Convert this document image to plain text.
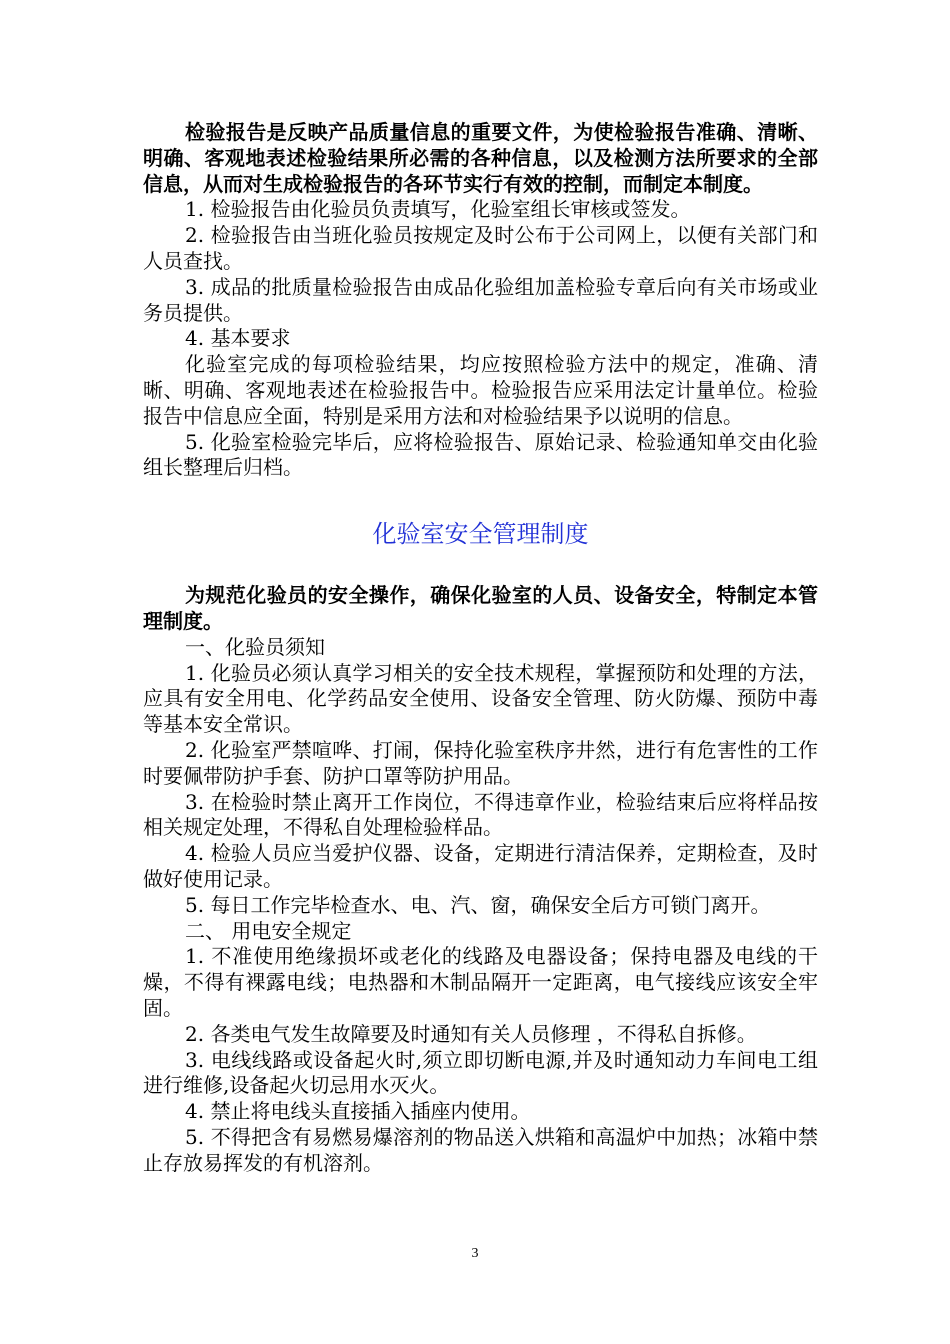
检验报告是反映产品质量信息的重要文件，为使检验报告准确、清晰、明确、客观地表述检验结果所必需的各种信息，以及检测方法所要求的全部信息，从而对生成检验报告的各环节实行有效的控制，而制定本制度。

1. 检验报告由化验员负责填写，化验室组长审核或签发。

2. 检验报告由当班化验员按规定及时公布于公司网上，以便有关部门和人员查找。

3. 成品的批质量检验报告由成品化验组加盖检验专章后向有关市场或业务员提供。

4. 基本要求

化验室完成的每项检验结果，均应按照检验方法中的规定，准确、清晰、明确、客观地表述在检验报告中。检验报告应采用法定计量单位。检验报告中信息应全面，特别是采用方法和对检验结果予以说明的信息。

5. 化验室检验完毕后，应将检验报告、原始记录、检验通知单交由化验组长整理后归档。

化验室安全管理制度

为规范化验员的安全操作，确保化验室的人员、设备安全，特制定本管理制度。

一、化验员须知

1. 化验员必须认真学习相关的安全技术规程，掌握预防和处理的方法，应具有安全用电、化学药品安全使用、设备安全管理、防火防爆、预防中毒等基本安全常识。

2. 化验室严禁喧哗、打闹，保持化验室秩序井然，进行有危害性的工作时要佩带防护手套、防护口罩等防护用品。

3. 在检验时禁止离开工作岗位，不得违章作业，检验结束后应将样品按相关规定处理，不得私自处理检验样品。

4. 检验人员应当爱护仪器、设备，定期进行清洁保养，定期检查，及时做好使用记录。

5. 每日工作完毕检查水、电、汽、窗，确保安全后方可锁门离开。

二、 用电安全规定

1. 不准使用绝缘损坏或老化的线路及电器设备；保持电器及电线的干燥，不得有裸露电线；电热器和木制品隔开一定距离，电气接线应该安全牢固。

2. 各类电气发生故障要及时通知有关人员修理 ，不得私自拆修。

3. 电线线路或设备起火时,须立即切断电源,并及时通知动力车间电工组进行维修,设备起火切忌用水灭火。

4. 禁止将电线头直接插入插座内使用。

5. 不得把含有易燃易爆溶剂的物品送入烘箱和高温炉中加热；冰箱中禁止存放易挥发的有机溶剂。

3
